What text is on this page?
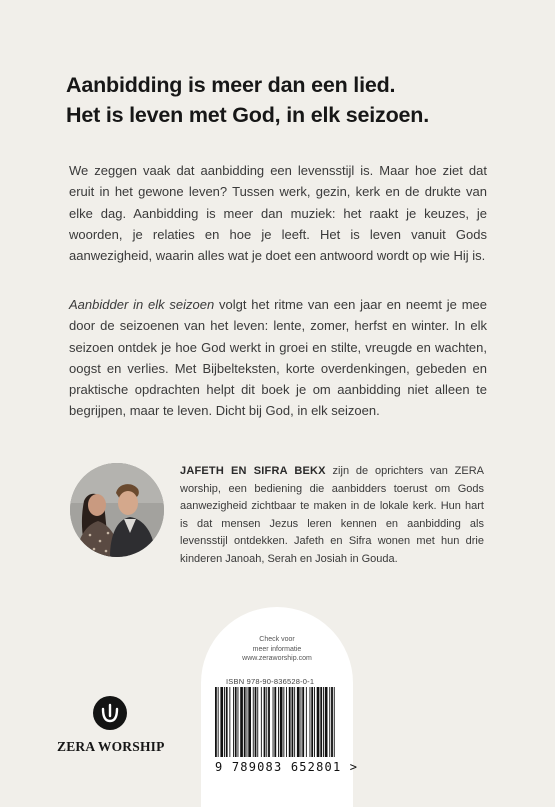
Aanbidding is meer dan een lied.
Het is leven met God, in elk seizoen.

We zeggen vaak dat aanbidding een levensstijl is. Maar hoe ziet dat eruit in het gewone leven? Tussen werk, gezin, kerk en de drukte van elke dag. Aanbidding is meer dan muziek: het raakt je keuzes, je woorden, je relaties en hoe je leeft. Het is leven vanuit Gods aanwezigheid, waarin alles wat je doet een antwoord wordt op wie Hij is.

Aanbidder in elk seizoen volgt het ritme van een jaar en neemt je mee door de seizoenen van het leven: lente, zomer, herfst en winter. In elk seizoen ontdek je hoe God werkt in groei en stilte, vreugde en wachten, oogst en verlies. Met Bijbelteksten, korte overdenkingen, gebeden en praktische opdrachten helpt dit boek je om aanbidding niet alleen te begrijpen, maar te leven. Dicht bij God, in elk seizoen.

JAFETH EN SIFRA BEKX zijn de oprichters van ZERA worship, een bediening die aanbidders toerust om Gods aanwezigheid zichtbaar te maken in de lokale kerk. Hun hart is dat mensen Jezus leren kennen en aanbidding als levensstijl ontdekken. Jafeth en Sifra wonen met hun drie kinderen Janoah, Serah en Josiah in Gouda.

Check voor
meer informatie
www.zeraworship.com
ISBN 978-90-836528-0-1
9 789083 652801 >
ZERA WORSHIP
